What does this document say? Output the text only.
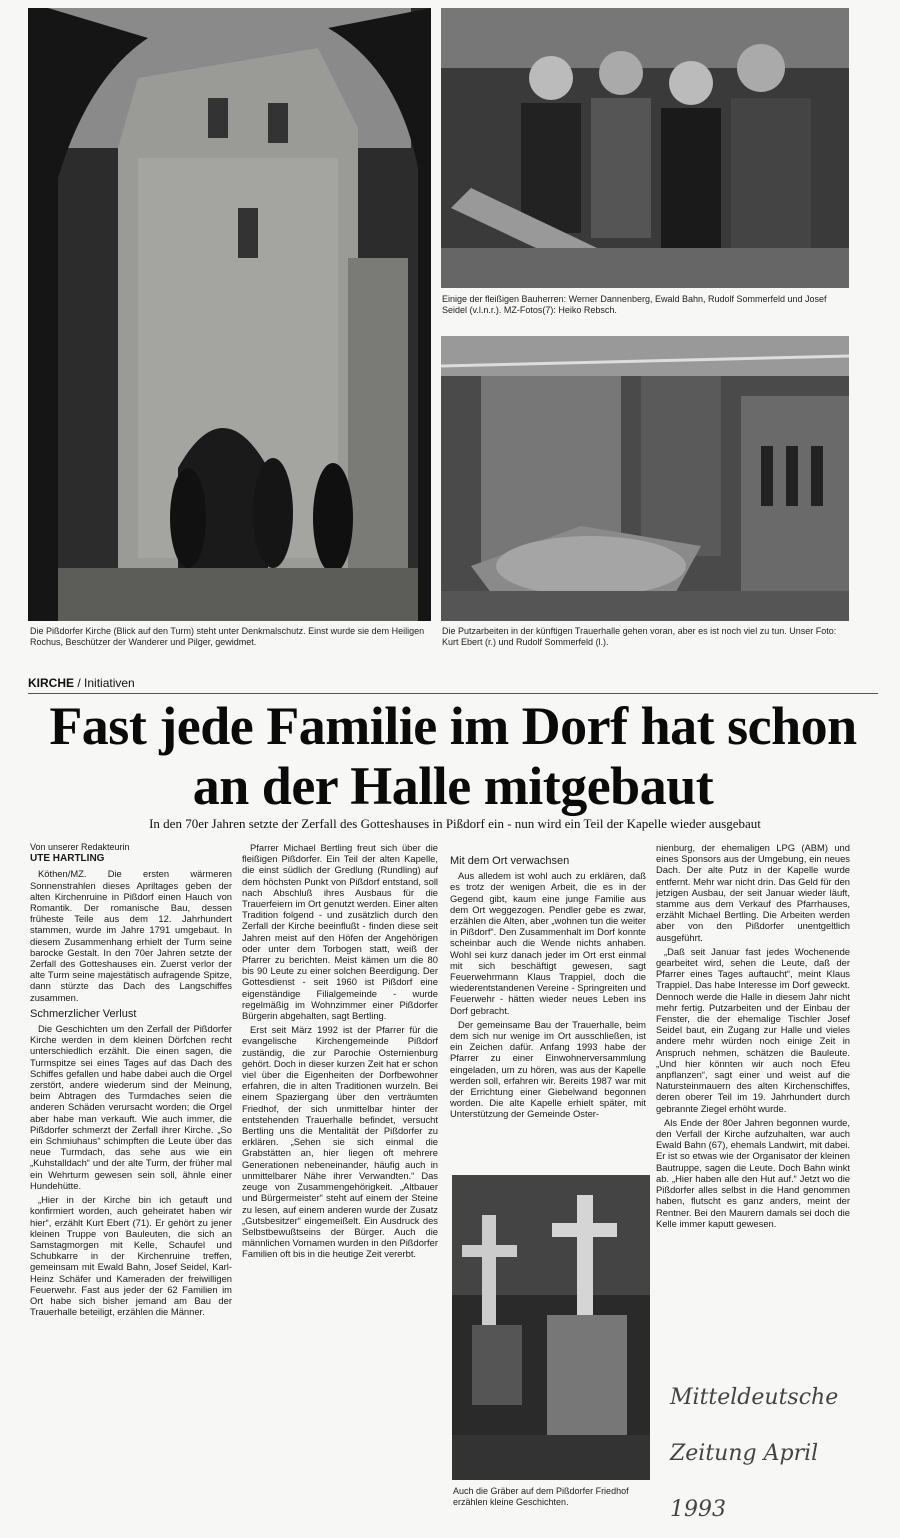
Die Pißdorfer Kirche (Blick auf den Turm) steht unter Denkmalschutz. Einst wurde sie dem Heiligen Rochus, Beschützer der Wanderer und Pilger, gewidmet.
Einige der fleißigen Bauherren: Werner Dannenberg, Ewald Bahn, Rudolf Sommerfeld und Josef Seidel (v.l.n.r.). MZ-Fotos(7): Heiko Rebsch.
Die Putzarbeiten in der künftigen Trauerhalle gehen voran, aber es ist noch viel zu tun. Unser Foto: Kurt Ebert (r.) und Rudolf Sommerfeld (l.).
KIRCHE / Initiativen
Fast jede Familie im Dorf hat schon an der Halle mitgebaut
In den 70er Jahren setzte der Zerfall des Gotteshauses in Pißdorf ein - nun wird ein Teil der Kapelle wieder ausgebaut
Von unserer Redakteurin
UTE HARTLING

Köthen/MZ. Die ersten wärmeren Sonnenstrahlen dieses Apriltages geben der alten Kirchenruine in Pißdorf einen Hauch von Romantik. Der romanische Bau, dessen früheste Teile aus dem 12. Jahrhundert stammen, wurde im Jahre 1791 umgebaut. In diesem Zusammenhang erhielt der Turm seine barocke Gestalt. In den 70er Jahren setzte der Zerfall des Gotteshauses ein. Zuerst verlor der alte Turm seine majestätisch aufragende Spitze, dann stürzte das Dach des Langschiffes zusammen.

Schmerzlicher Verlust

Die Geschichten um den Zerfall der Pißdorfer Kirche werden in dem kleinen Dörfchen recht unterschiedlich erzählt. Die einen sagen, die Turmspitze sei eines Tages auf das Dach des Schiffes gefallen und habe dabei auch die Orgel zerstört, andere wiederum sind der Meinung, beim Abtragen des Turmdaches seien die anderen Schäden verursacht worden; die Orgel aber habe man verkauft. Wie auch immer, die Pißdorfer schmerzt der Zerfall ihrer Kirche. „So ein Schmiuhaus“ schimpften die Leute über das neue Turmdach, das sehe aus wie ein „Kuhstalldach“ und der alte Turm, der früher mal ein Wehrturm gewesen sein soll, ähnle einer Hundehütte.

„Hier in der Kirche bin ich getauft und konfirmiert worden, auch geheiratet haben wir hier“, erzählt Kurt Ebert (71). Er gehört zu jener kleinen Truppe von Bauleuten, die sich an Samstagmorgen mit Kelle, Schaufel und Schubkarre in der Kirchenruine treffen, gemeinsam mit Ewald Bahn, Josef Seidel, Karl-Heinz Schäfer und Kameraden der freiwilligen Feuerwehr. Fast aus jeder der 62 Familien im Ort habe sich bisher jemand am Bau der Trauerhalle beteiligt, erzählen die Männer.

Pfarrer Michael Bertling freut sich über die fleißigen Pißdorfer. Ein Teil der alten Kapelle, die einst südlich der Gredlung (Rundling) auf dem höchsten Punkt von Pißdorf entstand, soll nach Abschluß ihres Ausbaus für die Trauerfeiern im Ort genutzt werden. Einer alten Tradition folgend - und zusätzlich durch den Zerfall der Kirche beeinflußt - finden diese seit Jahren meist auf den Höfen der Angehörigen oder unter dem Torbogen statt, weiß der Pfarrer zu berichten. Meist kämen um die 80 bis 90 Leute zu einer solchen Beerdigung. Der Gottesdienst - seit 1960 ist Pißdorf eine eigenständige Filialgemeinde - wurde regelmäßig im Wohnzimmer einer Pißdorfer Bürgerin abgehalten, sagt Bertling.

Erst seit März 1992 ist der Pfarrer für die evangelische Kirchengemeinde Pißdorf zuständig, die zur Parochie Osternienburg gehört. Doch in dieser kurzen Zeit hat er schon viel über die Eigenheiten der Dorfbewohner erfahren, die in alten Traditionen wurzeln. Bei einem Spaziergang über den verträumten Friedhof, der sich unmittelbar hinter der entstehenden Trauerhalle befindet, versucht Bertling uns die Mentalität der Pißdorfer zu erklären. „Sehen sie sich einmal die Grabstätten an, hier liegen oft mehrere Generationen nebeneinander, häufig auch in unmittelbarer Nähe ihrer Verwandten.“ Das zeuge von Zusammengehörigkeit. „Altbauer und Bürgermeister“ steht auf einem der Steine zu lesen, auf einem anderen wurde der Zusatz „Gutsbesitzer“ eingemeißelt. Ein Ausdruck des Selbstbewußtseins der Bürger. Auch die männlichen Vornamen wurden in den Pißdorfer Familien oft bis in die heutige Zeit vererbt.

Mit dem Ort verwachsen

Aus alledem ist wohl auch zu erklären, daß es trotz der wenigen Arbeit, die es in der Gegend gibt, kaum eine junge Familie aus dem Ort weggezogen. Pendler gebe es zwar, erzählen die Alten, aber „wohnen tun die weiter in Pißdorf“. Den Zusammenhalt im Dorf konnte scheinbar auch die Wende nichts anhaben. Wohl sei kurz danach jeder im Ort erst einmal mit sich beschäftigt gewesen, sagt Feuerwehrmann Klaus Trappiel, doch die wiederentstandenen Vereine - Springreiten und Feuerwehr - hätten wieder neues Leben ins Dorf gebracht.

Der gemeinsame Bau der Trauerhalle, beim dem sich nur wenige im Ort ausschließen, ist ein Zeichen dafür. Anfang 1993 habe der Pfarrer zu einer Einwohnerversammlung eingeladen, um zu hören, was aus der Kapelle werden soll, erfahren wir. Bereits 1987 war mit der Errichtung einer Giebelwand begonnen worden. Die alte Kapelle erhielt später, mit Unterstützung der Gemeinde Oster-

Auch die Gräber auf dem Pißdorfer Friedhof erzählen kleine Geschichten.

nienburg, der ehemaligen LPG (ABM) und eines Sponsors aus der Umgebung, ein neues Dach. Der alte Putz in der Kapelle wurde entfernt. Mehr war nicht drin. Das Geld für den jetzigen Ausbau, der seit Januar wieder läuft, stamme aus dem Verkauf des Pfarrhauses, erzählt Michael Bertling. Die Arbeiten werden aber von den Pißdorfer unentgeltlich ausgeführt.

„Daß seit Januar fast jedes Wochenende gearbeitet wird, sehen die Leute, daß der Pfarrer eines Tages auftaucht“, meint Klaus Trappiel. Das habe Interesse im Dorf geweckt. Dennoch werde die Halle in diesem Jahr nicht mehr fertig. Putzarbeiten und der Einbau der Fenster, die der ehemalige Tischler Josef Seidel baut, ein Zugang zur Halle und vieles andere mehr würden noch einige Zeit in Anspruch nehmen, schätzen die Bauleute. „Und hier könnten wir auch noch Efeu anpflanzen“, sagt einer und weist auf die Natursteinmauern des alten Kirchenschiffes, deren oberer Teil im 19. Jahrhundert durch gebrannte Ziegel erhöht wurde.

Als Ende der 80er Jahren begonnen wurde, den Verfall der Kirche aufzuhalten, war auch Ewald Bahn (67), ehemals Landwirt, mit dabei. Er ist so etwas wie der Organisator der kleinen Bautruppe, sagen die Leute. Doch Bahn winkt ab. „Hier haben alle den Hut auf.“ Jetzt wo die Pißdorfer alles selbst in die Hand genommen haben, flutscht es ganz anders, meint der Rentner. Bei den Maurern damals sei doch die Kelle immer kaputt gewesen.

Mitteldeutsche Zeitung April 1993
